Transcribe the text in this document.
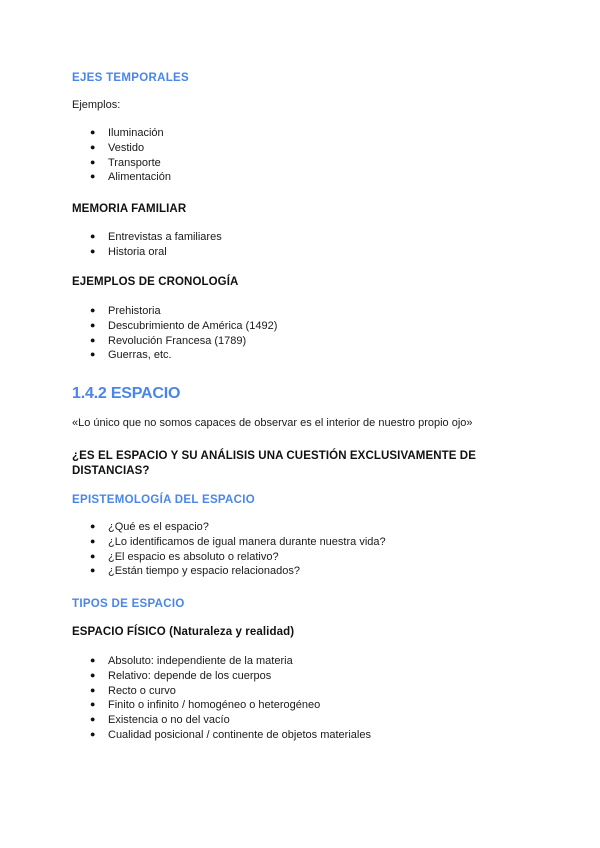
EJES TEMPORALES
Ejemplos:
● Iluminación
● Vestido
● Transporte
● Alimentación
MEMORIA FAMILIAR
● Entrevistas a familiares
● Historia oral
EJEMPLOS DE CRONOLOGÍA
● Prehistoria
● Descubrimiento de América (1492)
● Revolución Francesa (1789)
● Guerras, etc.
1.4.2 ESPACIO
«Lo único que no somos capaces de observar es el interior de nuestro propio ojo»
¿ES EL ESPACIO Y SU ANÁLISIS UNA CUESTIÓN EXCLUSIVAMENTE DE
DISTANCIAS?
EPISTEMOLOGÍA DEL ESPACIO
● ¿Qué es el espacio?
● ¿Lo identificamos de igual manera durante nuestra vida?
● ¿El espacio es absoluto o relativo?
● ¿Están tiempo y espacio relacionados?
TIPOS DE ESPACIO
ESPACIO FÍSICO (Naturaleza y realidad)
● Absoluto: independiente de la materia
● Relativo: depende de los cuerpos
● Recto o curvo
● Finito o infinito / homogéneo o heterogéneo
● Existencia o no del vacío
● Cualidad posicional / continente de objetos materiales
